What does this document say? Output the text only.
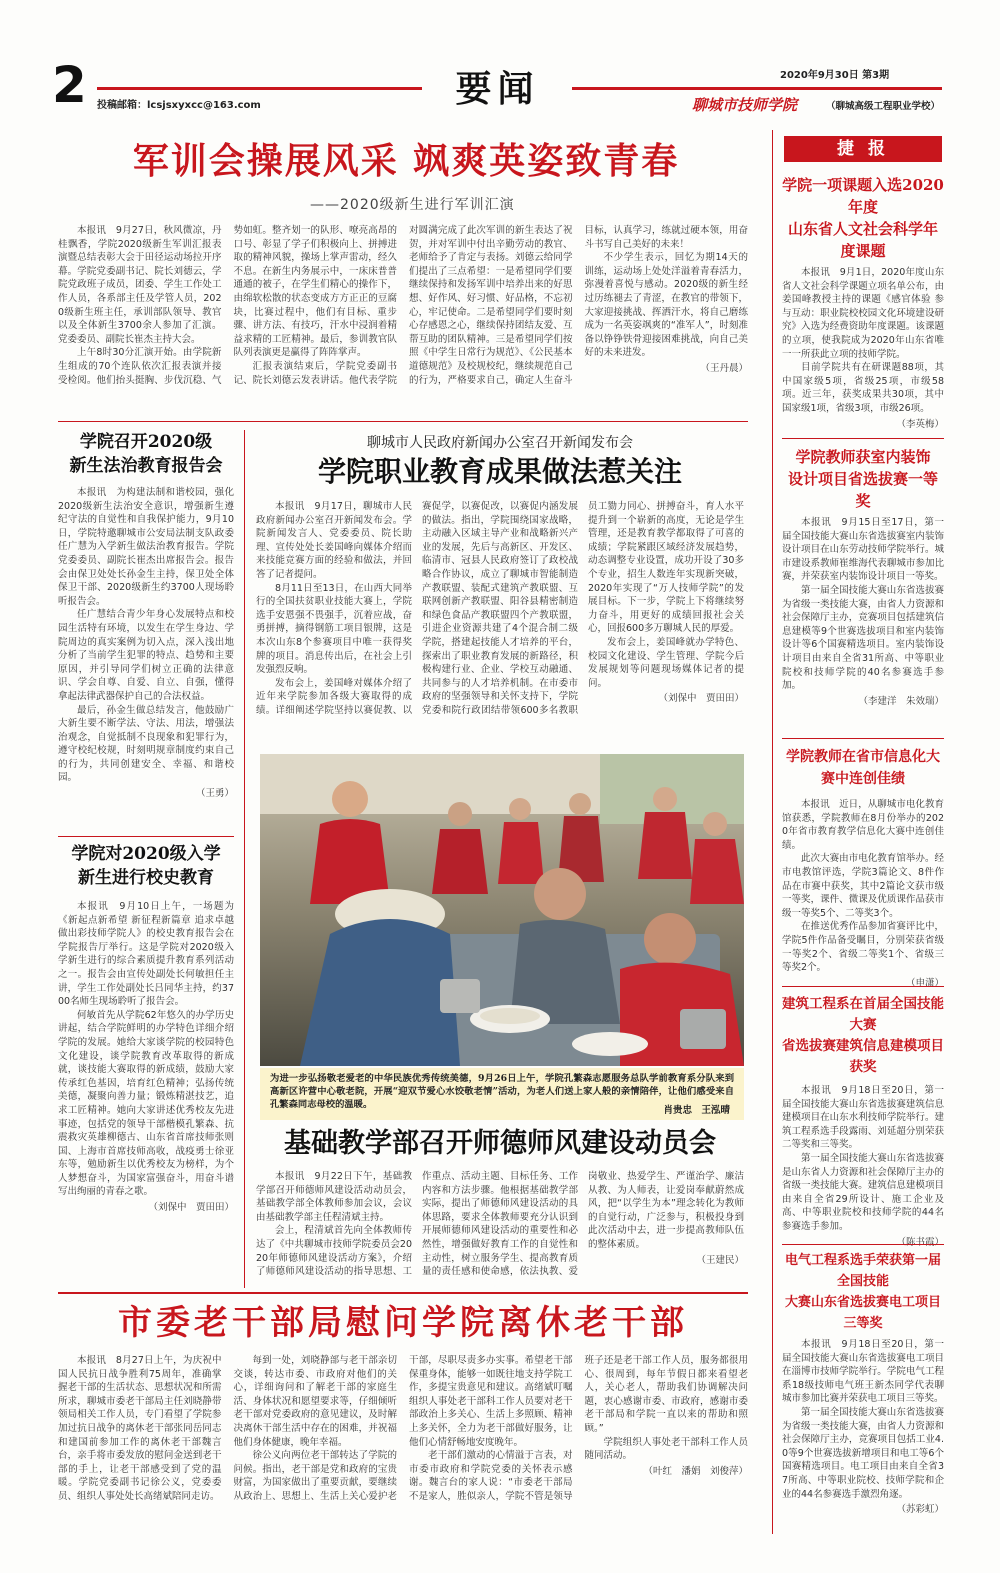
2 投稿邮箱：lcsjsxyxcc@163.com	要闻	2020年9月30日 第3期
聊城市技师学院	（聊城高级工程职业学校）
军训会操展风采 飒爽英姿致青春
——2020级新生进行军训汇演

本报讯　9月27日，秋风微凉，丹桂飘香，学院2020级新生军训汇报表演暨总结表彰大会于田径运动场拉开序幕。学院党委副书记、院长刘德云，学院党政班子成员，团委、学生工作处工作人员，各系部主任及学管人员，2020级新生班主任，承训部队领导、教官以及全体新生3700余人参加了汇演。党委委员、副院长崔杰主持大会。

上午8时30分汇演开始。由学院新生组成的70个连队依次汇报表演并接受检阅。他们抬头挺胸、步伐沉稳、气势如虹。整齐划一的队形、嘹亮高昂的口号、彰显了学子们积极向上、拼搏进取的精神风貌，操场上掌声雷动，经久不息。在新生内务展示中，一床床普普通通的被子，在学生们精心的操作下，由绵软松散的状态变成方方正正的豆腐块，比赛过程中，他们有目标、重步骤、讲方法、有技巧，汗水中浸润着精益求精的工匠精神。最后，参训教官队队列表演更是赢得了阵阵掌声。

汇报表演结束后，学院党委副书记、院长刘德云发表讲话。他代表学院对圆满完成了此次军训的新生表达了祝贺，并对军训中付出辛勤劳动的教官、老师给予了肯定与表扬。刘德云给同学们提出了三点希望：一是希望同学们要继续保持和发扬军训中培养出来的好思想、好作风、好习惯、好品格，不忘初心，牢记使命。二是希望同学们要时刻心存感恩之心，继续保持团结友爱、互帮互助的团队精神。三是希望同学们按照《中学生日常行为规范》、《公民基本道德规范》及校规校纪，继续规范自己的行为，严格要求自己，确定人生奋斗目标，认真学习，练就过硬本领，用奋斗书写自己美好的未来！

不少学生表示，回忆为期14天的训练，运动场上处处洋溢着青春活力，弥漫着喜悦与感动。2020级的新生经过历练褪去了青涩，在教官的带领下，大家迎接挑战、挥洒汗水，将自己磨练成为一名英姿飒爽的“准军人”，时刻准备以铮铮铁骨迎接困难挑战，向自己美好的未来进发。

（王丹晨）
学院召开2020级
新生法治教育报告会

本报讯　为构建法制和谐校园，强化2020级新生法治安全意识，增强新生遵纪守法的自觉性和自我保护能力，9月10日，学院特邀聊城市公安局法制支队政委任广慧为入学新生做法治教育报告。学院党委委员、副院长崔杰出席报告会。报告会由保卫处处长孙金生主持，保卫处全体保卫干部、2020级新生约3700人现场聆听报告会。

任广慧结合青少年身心发展特点和校园生活特有环境，以发生在学生身边、学院周边的真实案例为切入点，深入浅出地分析了当前学生犯罪的特点、趋势和主要原因，并引导同学们树立正确的法律意识、学会自尊、自爱、自立、自强，懂得拿起法律武器保护自己的合法权益。

最后，孙金生做总结发言，他鼓励广大新生要不断学法、守法、用法，增强法治观念，自觉抵制不良现象和犯罪行为，遵守校纪校规，时刻明规章制度约束自己的行为，共同创建安全、幸福、和谐校园。

（王勇）
学院对2020级入学
新生进行校史教育

本报讯　9月10日上午，一场题为《新起点新希望 新征程新篇章 追求卓越 做出彩技师学院人》的校史教育报告会在学院报告厅举行。这是学院对2020级入学新生进行的综合素质提升教育系列活动之一。报告会由宣传处副处长何敏担任主讲，学生工作处副处长吕同华主持，约3700名师生现场聆听了报告会。

何敏首先从学院62年悠久的办学历史讲起，结合学院鲜明的办学特色详细介绍学院的发展。她给大家谈学院的校园特色文化建设，谈学院教育改革取得的新成就，谈技能大赛取得的新成绩，鼓励大家传承红色基因，培育红色精神；弘扬传统美德，凝聚向善力量；锻炼精湛技艺，追求工匠精神。她向大家讲述优秀校友先进事迹，包括党的领导干部楷模孔繁森、抗震救灾英雄柳德古、山东省首席技师张则国、上海市首席技师高收，战疫勇士徐亚东等，勉励新生以优秀校友为榜样，为个人梦想奋斗，为国家富强奋斗，用奋斗谱写出绚丽的青春之歌。

（刘保中　贾田田）
聊城市人民政府新闻办公室召开新闻发布会
学院职业教育成果做法惹关注

本报讯　9月17日，聊城市人民政府新闻办公室召开新闻发布会。学院新闻发言人、党委委员、院长助理、宣传处处长姜国峰向媒体介绍而来技能竞赛方面的经验和做法，并回答了记者提问。

8月11日至13日，在山西大同举行的全国扶贫职业技能大赛上，学院选手安恩强不畏强手，沉着应战，奋勇拼搏，摘得钢筋工项目银牌，这是本次山东8个参赛项目中唯一获得奖牌的项目。消息传出后，在社会上引发强烈反响。

发布会上，姜国峰对媒体介绍了近年来学院参加各级大赛取得的成绩。详细阐述学院坚持以赛促教、以赛促学，以赛促改，以赛促内涵发展的做法。指出，学院围绕国家战略，主动融入区域主导产业和战略新兴产业的发展，先后与高新区、开发区、临清市、冠县人民政府签订了政校战略合作协议，成立了聊城市智能制造产教联盟、装配式建筑产教联盟、互联网创新产教联盟、阳谷县精密制造和绿色食品产教联盟四个产教联盟，引进企业资源共建了4个混合制二级学院，搭建起技能人才培养的平台，探索出了职业教育发展的新路径，积极构建行业、企业、学校互动融通、共同参与的人才培养机制。在市委市政府的坚强领导和关怀支持下，学院党委和院行政团结带领600多名教职员工勠力同心、拼搏奋斗，育人水平提升到一个崭新的高度，无论是学生管理，还是教育教学都取得了可喜的成绩；学院紧跟区域经济发展趋势，动态调整专业设置，成功开设了30多个专业，招生人数连年实现新突破，2020年实现了“万人技师学院”的发展目标。下一步，学院上下将继续努力奋斗，用更好的成绩回报社会关心，回报600多万聊城人民的厚爱。

发布会上，姜国峰就办学特色、校园文化建设、学生管理、学院今后发展规划等问题现场媒体记者的提问。

（刘保中　贾田田）
为进一步弘扬敬老爱老的中华民族优秀传统美德，9月26日上午，学院孔繁森志愿服务总队学前教育系分队来到高新区许营中心敬老院，开展“迎双节爱心水饺敬老情”活动，为老人们送上家人般的亲情陪伴，让他们感受来自孔繁森同志母校的温暖。
肖贵忠　王泓晴
基础教学部召开师德师风建设动员会

本报讯　9月22日下午，基础教学部召开师德师风建设活动动员会，基础教学部全体教师参加会议，会议由基础教学部主任程清斌主持。

会上，程清斌首先向全体教师传达了《中共聊城市技师学院委员会2020年师德师风建设活动方案》，介绍了师德师风建设活动的指导思想、工作重点、活动主题、目标任务、工作内容和方法步骤。他根据基础教学部实际，提出了师德师风建设活动的具体思路，要求全体教师要充分认识到开展师德师风建设活动的重要性和必然性，增强做好教育工作的自觉性和主动性，树立服务学生、提高教育质量的责任感和使命感，依法执教、爱岗敬业、热爱学生、严谨治学、廉洁从教、为人师表，让爱岗奉献蔚然成风，把“以学生为本”理念转化为教师的自觉行动，广泛参与，积极投身到此次活动中去，进一步提高教师队伍的整体素质。

（王建民）
市委老干部局慰问学院离休老干部

本报讯　8月27日上午，为庆祝中国人民抗日战争胜利75周年，准确掌握老干部的生活状态、思想状况和所需所求，聊城市委老干部局主任刘晓静带领局相关工作人员，专门看望了学院参加过抗日战争的离休老干部张同岳同志和建国前参加工作的离休老干部魏言台，亲手将市委发放的慰问金送到老干部的手上，让老干部感受到了党的温暖。学院党委副书记徐公义，党委委员、组织人事处处长高绪斌陪同走访。

每到一处，刘晓静部与老干部亲切交谈，转达市委、市政府对他们的关心，详细询问和了解老干部的家庭生活、身体状况和愿望要求等，仔细倾听老干部对党委政府的意见建议，及时解决离休干部生活中存在的困难，并祝福他们身体健康，晚年幸福。

徐公义向两位老干部转达了学院的问候。指出，老干部是党和政府的宝贵财富，为国家做出了重要贡献，要继续从政治上、思想上、生活上关心爱护老干部，尽职尽责多办实事。希望老干部保重身体，能够一如既往地支持学院工作，多提宝贵意见和建议。高绪斌叮嘱组织人事处老干部科工作人员要对老干部政治上多关心、生活上多照顾、精神上多关怀，全力为老干部做好服务，让他们心情舒畅地安度晚年。

老干部们激动的心情溢于言表，对市委市政府和学院党委的关怀表示感谢。魏言台的家人说：“市委老干部局不是家人，胜似亲人，学院不管是领导班子还是老干部工作人员，服务都很用心、很周到，每年节假日都来看望老人，关心老人，帮助我们协调解决问题，衷心感谢市委、市政府，感谢市委老干部局和学院一直以来的帮助和照顾。”

学院组织人事处老干部科工作人员随同活动。

（叶红　潘娟　刘俊萍）
捷 报
学院一项课题入选2020年度
山东省人文社会科学年度课题

本报讯　9月1日，2020年度山东省人文社会科学课题立项名单公布，由姜国峰教授主持的课题《感官体验 参与互动：职业院校校园文化环境建设研究》入选为经费资助年度课题。该课题的立项，使我院成为2020年山东省唯一一所获此立项的技师学院。

目前学院共有在研课题88项，其中国家级5项，省级25项，市级58项。近三年，获奖成果共30项，其中国家级1项，省级3项，市级26项。

（李英梅）
学院教师获室内装饰
设计项目省选拔赛一等奖

本报讯　9月15日至17日，第一届全国技能大赛山东省选拔赛室内装饰设计项目在山东劳动技师学院举行。城市建设系教师崔维海代表聊城市参加比赛，并荣获室内装饰设计项目一等奖。

第一届全国技能大赛山东省选拔赛为省级一类技能大赛，由省人力资源和社会保障厅主办，竞赛项目包括建筑信息建模等9个世赛选拔项目和室内装饰设计等6个国赛精选项目。室内装饰设计项目由来自全省31所高、中等职业院校和技师学院的40名参赛选手参加。

（李建洋　朱效瑞）
学院教师在省市信息化大赛中连创佳绩

本报讯　近日，从聊城市电化教育馆获悉，学院教师在8月份举办的2020年省市教育教学信息化大赛中连创佳绩。

此次大赛由市电化教育馆举办。经市电教馆评选，学院3篇论文、8件作品在市赛中获奖，其中2篇论文获市级一等奖，课件、微课及优质课作品获市级一等奖5个、二等奖3个。

在推送优秀作品参加省赛评比中，学院5件作品备受瞩目，分别荣获省级一等奖2个、省级二等奖1个、省级三等奖2个。

（申潇）
建筑工程系在首届全国技能大赛
省选拔赛建筑信息建模项目获奖

本报讯　9月18日至20日，第一届全国技能大赛山东省选拔赛建筑信息建模项目在山东水利技师学院举行。建筑工程系选手段露雨、刘延超分别荣获二等奖和三等奖。

第一届全国技能大赛山东省选拔赛是山东省人力资源和社会保障厅主办的省级一类技能大赛。建筑信息建模项目由来自全省29所设计、施工企业及高、中等职业院校和技师学院的44名参赛选手参加。

（陈书霞）
电气工程系选手荣获第一届全国技能
大赛山东省选拔赛电工项目三等奖

本报讯　9月18日至20日，第一届全国技能大赛山东省选拔赛电工项目在淄博市技师学院举行。学院电气工程系18级技师电气班王新杰同学代表聊城市参加比赛并荣获电工项目三等奖。

第一届全国技能大赛山东省选拔赛为省级一类技能大赛，由省人力资源和社会保障厅主办，竞赛项目包括工业4.0等9个世赛选拔新增项目和电工等6个国赛精选项目。电工项目由来自全省37所高、中等职业院校、技师学院和企业的44名参赛选手激烈角逐。

（苏彩虹）
